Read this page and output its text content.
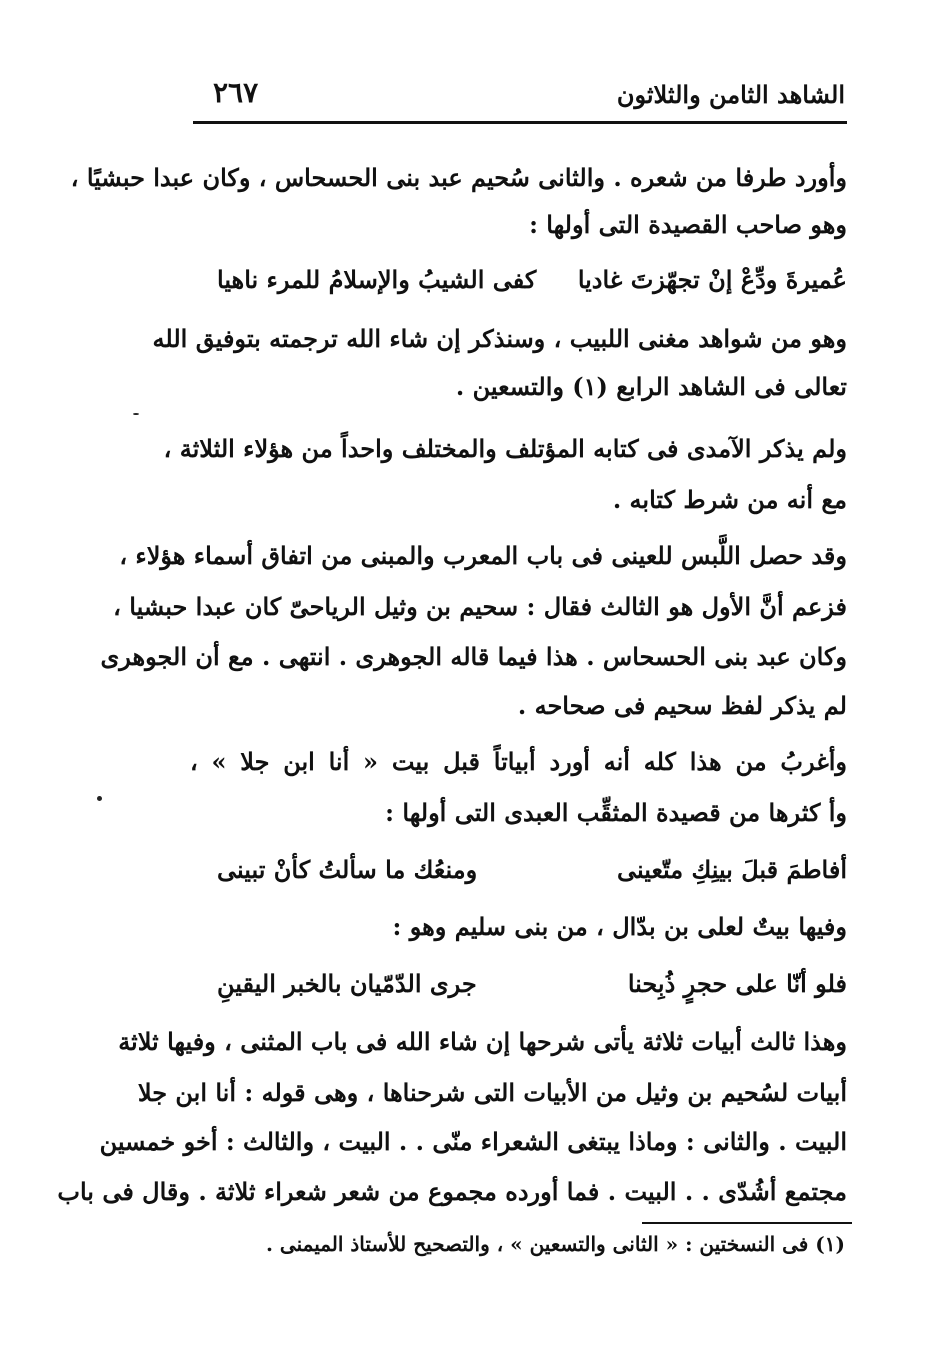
الشاهد الثامن والثلاثون
٢٦٧
وأورد طرفا من شعره . والثانى سُحيم عبد بنى الحسحاس ، وكان عبدا حبشيًا ،
وهو صاحب القصيدة التى أولها :
عُميرةَ ودِّعْ إنْ تجهّزتَ غاديا
كفى الشيبُ والإسلامُ للمرء ناهيا
وهو من شواهد مغنى اللبيب ، وسنذكر إن شاء الله ترجمته بتوفيق الله
تعالى فى الشاهد الرابع (١) والتسعين .
ولم يذكر الآمدى فى كتابه المؤتلف والمختلف واحداً من هؤلاء الثلاثة ،
مع أنه من شرط كتابه .
وقد حصل اللَّبس للعينى فى باب المعرب والمبنى من اتفاق أسماء هؤلاء ،
فزعم أنَّ الأول هو الثالث فقال : سحيم بن وثيل الرياحىّ كان عبدا حبشيا ،
وكان عبد بنى الحسحاس . هذا فيما قاله الجوهرى . انتهى . مع أن الجوهرى
لم يذكر لفظ سحيم فى صحاحه .
وأغربُ من هذا كله أنه أورد أبياتاً قبل بيت « أنا ابن جلا » ،
وأ كثرها من قصيدة المثقِّب العبدى التى أولها :
أفاطمَ قبلَ بينِكِ متّعينى
ومنعُك ما سألتُ كأنْ تبينى
وفيها بيتٌ لعلى بن بدّال ، من بنى سليم وهو :
فلو أنّا على حجرٍ ذُبِحنا
جرى الدّمّيان بالخبر اليقينِ
وهذا ثالث أبيات ثلاثة يأتى شرحها إن شاء الله فى باب المثنى ، وفيها ثلاثة
أبيات لسُحيم بن وثيل من الأبيات التى شرحناها ، وهى قوله : أنا ابن جلا
البيت . والثانى : وماذا يبتغى الشعراء منّى . . البيت ، والثالث : أخو خمسين
مجتمع أشُدّى . . البيت . فما أورده مجموع من شعر شعراء ثلاثة . وقال فى باب
(١) فى النسختين : « الثانى والتسعين » ، والتصحيح للأستاذ الميمنى .
